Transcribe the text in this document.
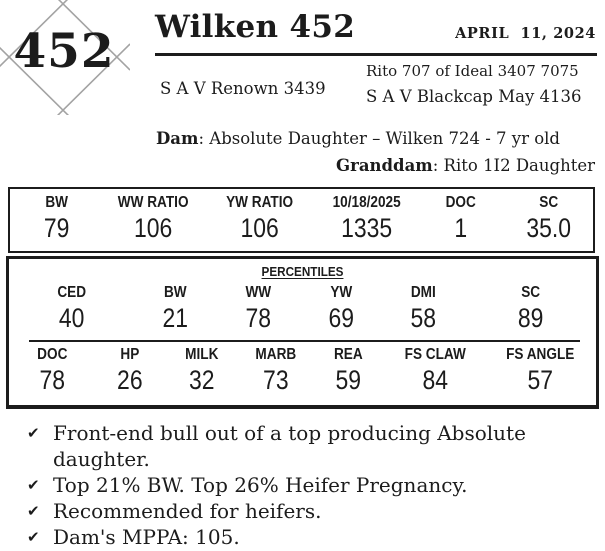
452	Wilken 452	APRIL  11, 2024
S A V Renown 3439
Rito 707 of Ideal 3407 7075
S A V Blackcap May 4136
Dam: Absolute Daughter – Wilken 724 - 7 yr old
Granddam: Rito 1I2 Daughter
BW
79
WW RATIO
106
YW RATIO
106
10/18/2025
1335
DOC
1
SC
35.0
PERCENTILES
CED
40
BW
21
WW
78
YW
69
DMI
58
SC
89
DOC
78
HP
26
MILK
32
MARB
73
REA
59
FS CLAW
84
FS ANGLE
57
✔ Front-end bull out of a top producing Absolute daughter.
✔ Top 21% BW. Top 26% Heifer Pregnancy.
✔ Recommended for heifers.
✔ Dam's MPPA: 105.
